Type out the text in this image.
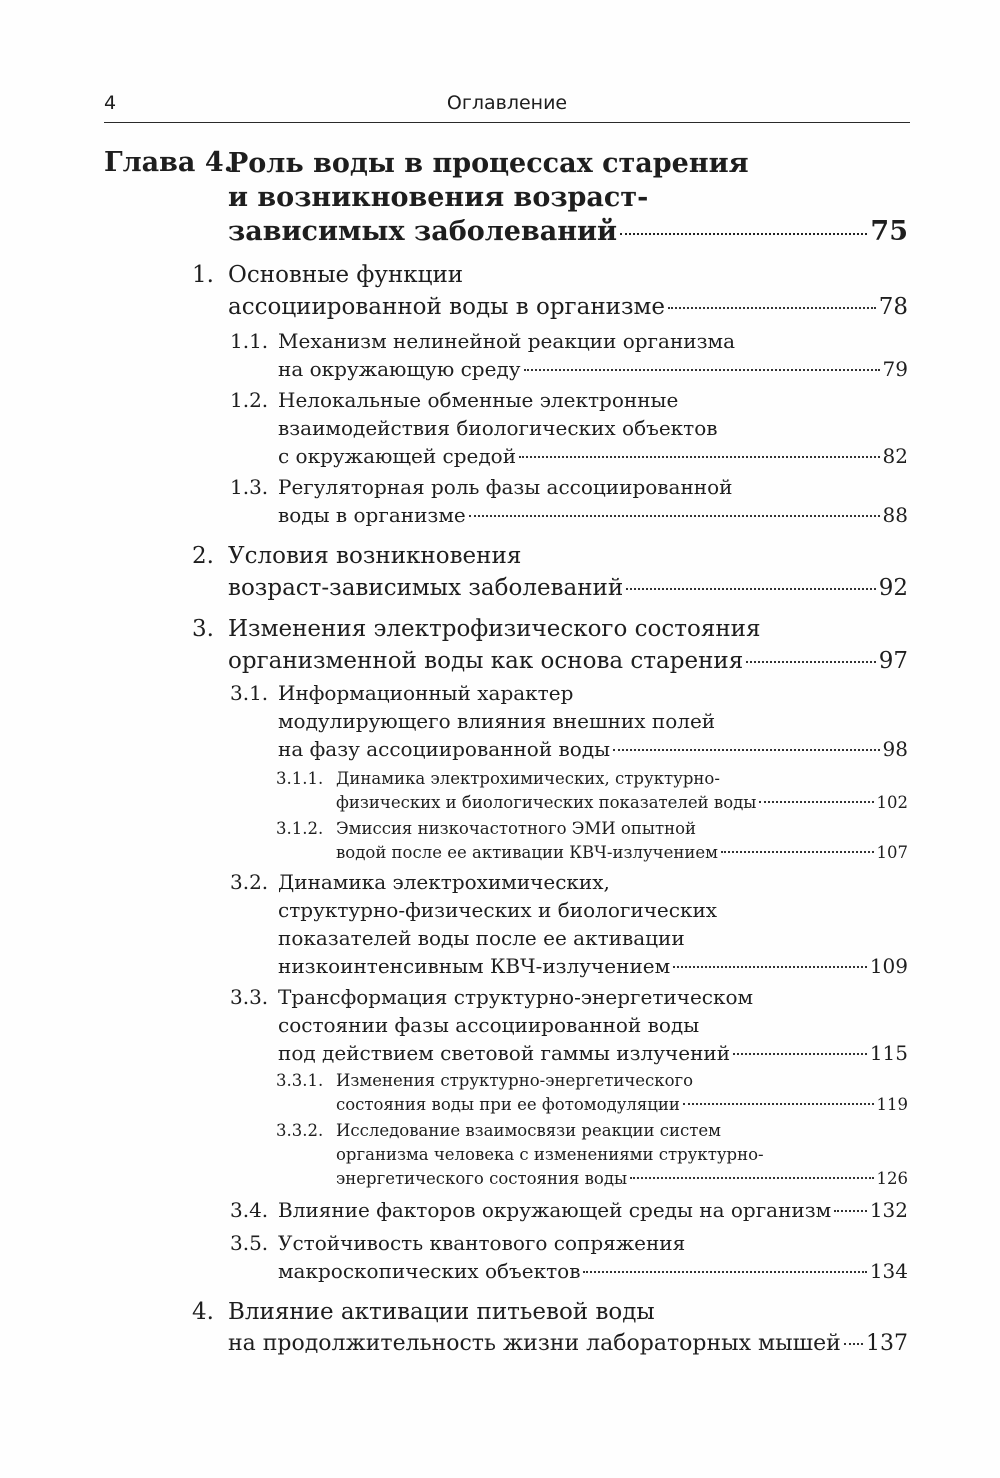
4	Оглавление
Глава 4.
Роль воды в процессах старения
и возникновения возраст-
зависимых заболеваний	75
1. Основные функции
ассоциированной воды в организме	78
1.1. Механизм нелинейной реакции организма
на окружающую среду	79
1.2. Нелокальные обменные электронные
взаимодействия биологических объектов
с окружающей средой	82
1.3. Регуляторная роль фазы ассоциированной
воды в организме	88
2. Условия возникновения
возраст-зависимых заболеваний	92
3. Изменения электрофизического состояния
организменной воды как основа старения	97
3.1. Информационный характер
модулирующего влияния внешних полей
на фазу ассоциированной воды	98
3.1.1. Динамика электрохимических, структурно-
физических и биологических показателей воды	102
3.1.2. Эмиссия низкочастотного ЭМИ опытной
водой после ее активации КВЧ-излучением	107
3.2. Динамика электрохимических,
структурно-физических и биологических
показателей воды после ее активации
низкоинтенсивным КВЧ-излучением	109
3.3. Трансформация структурно-энергетическом
состоянии фазы ассоциированной воды
под действием световой гаммы излучений	115
3.3.1. Изменения структурно-энергетического
состояния воды при ее фотомодуляции	119
3.3.2. Исследование взаимосвязи реакции систем
организма человека с изменениями структурно-
энергетического состояния воды	126
3.4. Влияние факторов окружающей среды на организм 132
3.5. Устойчивость квантового сопряжения
макроскопических объектов	134
4. Влияние активации питьевой воды
на продолжительность жизни лабораторных мышей 137
